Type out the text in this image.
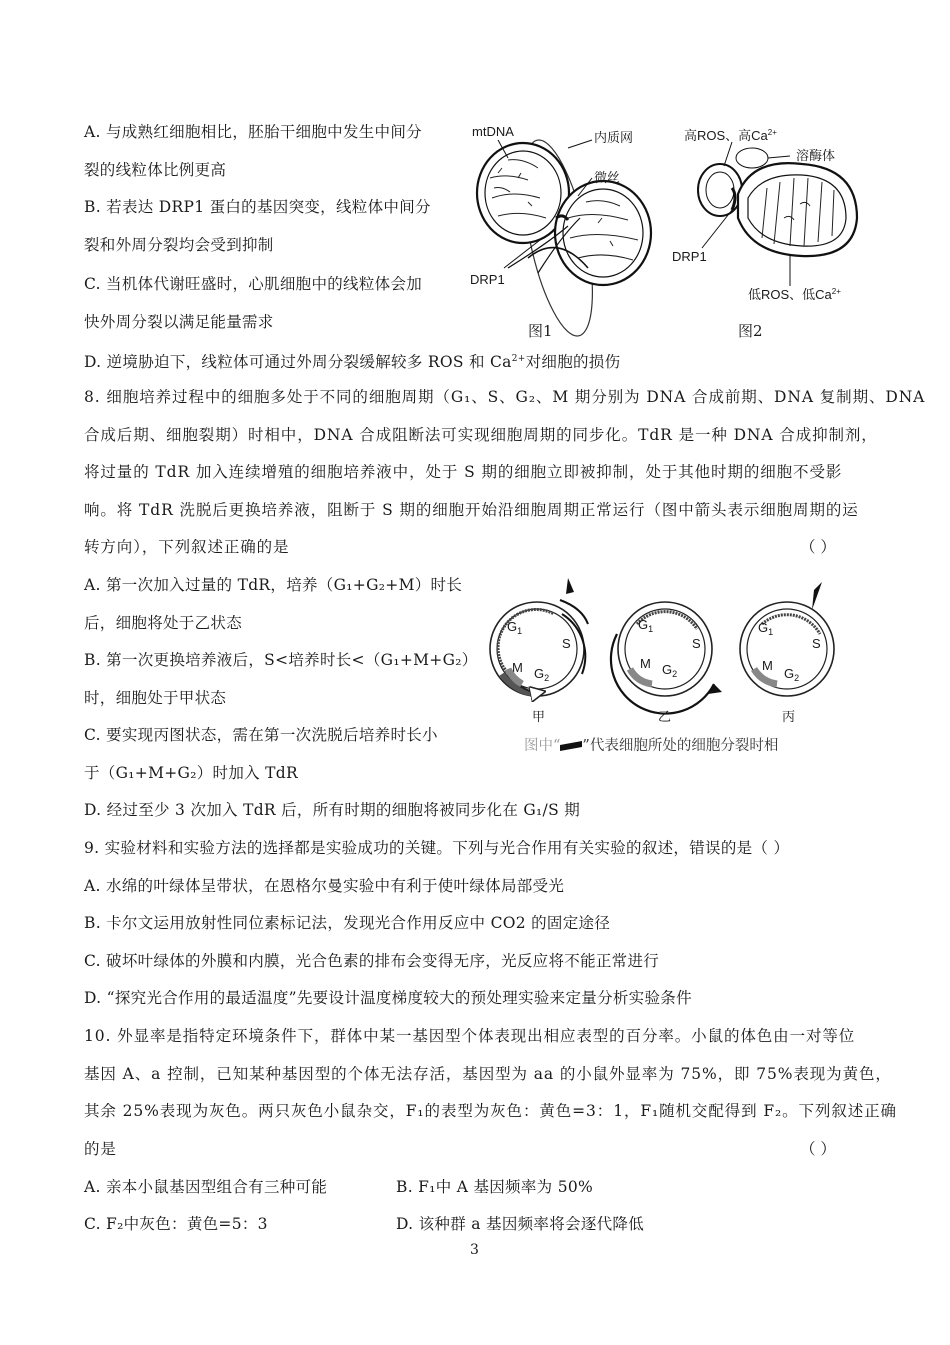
A. 与成熟红细胞相比，胚胎干细胞中发生中间分
裂的线粒体比例更高
B. 若表达 DRP1 蛋白的基因突变，线粒体中间分
裂和外周分裂均会受到抑制
C. 当机体代谢旺盛时，心肌细胞中的线粒体会加
快外周分裂以满足能量需求
D. 逆境胁迫下，线粒体可通过外周分裂缓解较多 ROS 和 $Ca^{2+}$对细胞的损伤
mtDNA	内质网
微丝
DRP1
图1
高ROS、高$Ca^{2+}$
溶酶体
DRP1
低ROS、低$Ca^{2+}$
图2
8. 细胞培养过程中的细胞多处于不同的细胞周期（G₁、S、G₂、M 期分别为 DNA 合成前期、DNA 复制期、DNA
合成后期、细胞裂期）时相中，DNA 合成阻断法可实现细胞周期的同步化。TdR 是一种 DNA 合成抑制剂，
将过量的 TdR 加入连续增殖的细胞培养液中，处于 S 期的细胞立即被抑制，处于其他时期的细胞不受影
响。将 TdR 洗脱后更换培养液，阻断于 S 期的细胞开始沿细胞周期正常运行（图中箭头表示细胞周期的运
转方向），下列叙述正确的是	（ ）
A. 第一次加入过量的 TdR，培养（G₁+G₂+M）时长
后，细胞将处于乙状态
B. 第一次更换培养液后，S<培养时长<（G₁+M+G₂）
时，细胞处于甲状态
C. 要实现丙图状态，需在第一次洗脱后培养时长小
于（G₁+M+G₂）时加入 TdR
D. 经过至少 3 次加入 TdR 后，所有时期的细胞将被同步化在 G₁/S 期
$G_1$
S
M $G_2$
$G_1$
S
M $G_2$
$G_1$
S
M
$G_2$
甲	乙	丙
图中“ ”代表细胞所处的细胞分裂时相
9. 实验材料和实验方法的选择都是实验成功的关键。下列与光合作用有关实验的叙述，错误的是（ ）
A. 水绵的叶绿体呈带状，在恩格尔曼实验中有利于使叶绿体局部受光
B. 卡尔文运用放射性同位素标记法，发现光合作用反应中 CO2 的固定途径
C. 破坏叶绿体的外膜和内膜，光合色素的排布会变得无序，光反应将不能正常进行
D. “探究光合作用的最适温度”先要设计温度梯度较大的预处理实验来定量分析实验条件
10. 外显率是指特定环境条件下，群体中某一基因型个体表现出相应表型的百分率。小鼠的体色由一对等位
基因 A、a 控制，已知某种基因型的个体无法存活，基因型为 aa 的小鼠外显率为 75%，即 75%表现为黄色，
其余 25%表现为灰色。两只灰色小鼠杂交，F₁的表型为灰色：黄色=3：1，F₁随机交配得到 F₂。下列叙述正确
的是	（ ）
A. 亲本小鼠基因型组合有三种可能	B. F₁中 A 基因频率为 50%
C. F₂中灰色：黄色=5：3	D. 该种群 a 基因频率将会逐代降低
3
